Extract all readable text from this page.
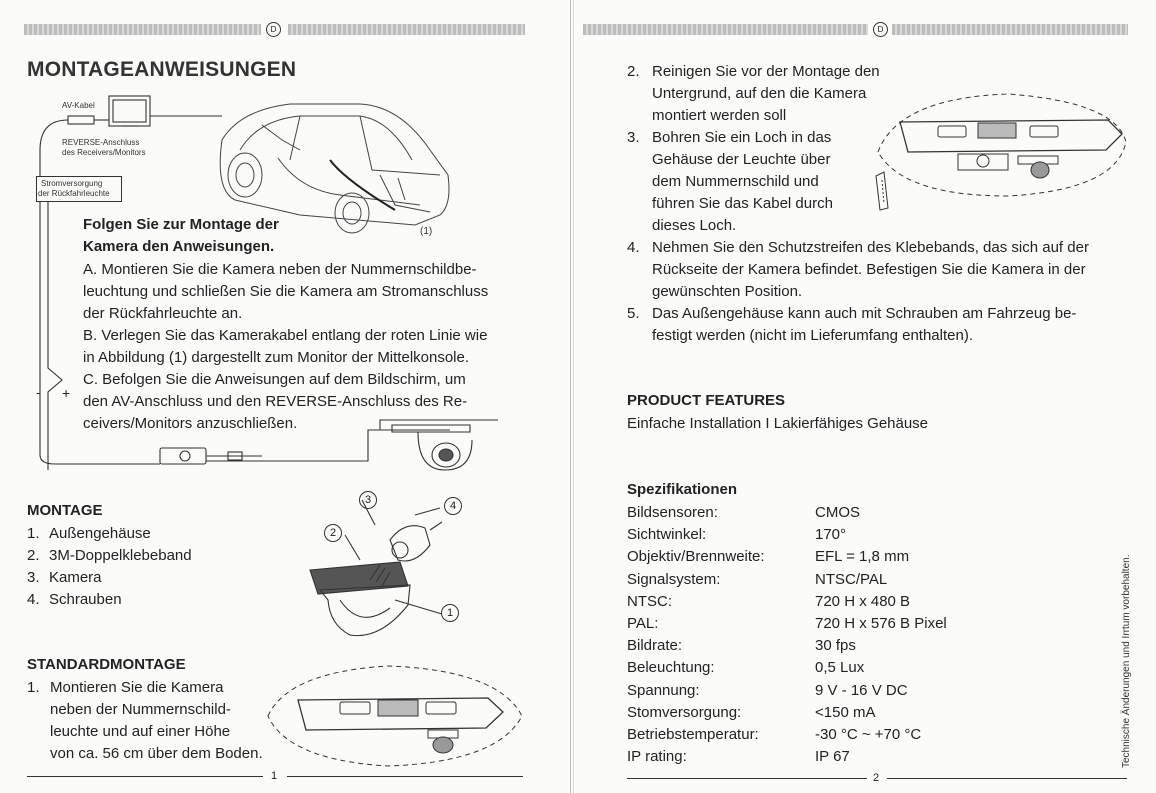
D
MONTAGEANWEISUNGEN
AV-Kabel
REVERSE-Anschluss
des Receivers/Monitors
Stromversorgung
der Rückfahrleuchte
(1)
- +
Folgen Sie zur Montage der
Kamera den Anweisungen.
A. Montieren Sie die Kamera neben der Nummernschildbe-
leuchtung und schließen Sie die Kamera am Stromanschluss
der Rückfahrleuchte an.
B. Verlegen Sie das Kamerakabel entlang der roten Linie wie
in Abbildung (1) dargestellt zum Monitor der Mittelkonsole.
C. Befolgen Sie die Anweisungen auf dem Bildschirm, um
den AV-Anschluss und den REVERSE-Anschluss des Re-
ceivers/Monitors anzuschließen.
MONTAGE
1. Außengehäuse
2. 3M-Doppelklebeband
3. Kamera
4. Schrauben
1
2
3	4
STANDARDMONTAGE
1. Montieren Sie die Kamera
neben der Nummernschild-
leuchte und auf einer Höhe
von ca. 56 cm über dem Boden.
1
D
2. Reinigen Sie vor der Montage den
Untergrund, auf den die Kamera
montiert werden soll
3. Bohren Sie ein Loch in das
Gehäuse der Leuchte über
dem Nummernschild und
führen Sie das Kabel durch
dieses Loch.
4. Nehmen Sie den Schutzstreifen des Klebebands, das sich auf der
Rückseite der Kamera befindet. Befestigen Sie die Kamera in der
gewünschten Position.
5. Das Außengehäuse kann auch mit Schrauben am Fahrzeug be-
festigt werden (nicht im Lieferumfang enthalten).
PRODUCT FEATURES
Einfache Installation I Lakierfähiges Gehäuse
Spezifikationen
Bildsensoren:	CMOS
Sichtwinkel:	170°
Objektiv/Brennweite:	EFL = 1,8 mm
Signalsystem:	NTSC/PAL
NTSC:	720 H x 480 B
PAL:	720 H x 576 B Pixel
Bildrate:	30 fps
Beleuchtung:	0,5 Lux
Spannung:	9 V - 16 V DC
Stomversorgung:	<150 mA
Betriebstemperatur:	-30 °C ~ +70 °C
IP rating:	IP 67	Technische Änderungen und Irrtum vorbehalten.
2
